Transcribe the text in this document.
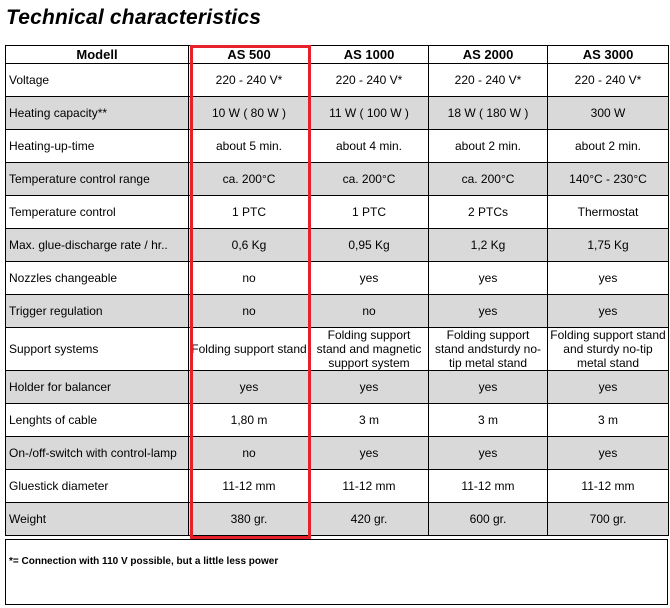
Technical characteristics
Modell	AS 500	AS 1000	AS 2000	AS 3000
Voltage	220 - 240 V*	220 - 240 V*	220 - 240 V*	220 - 240 V*
Heating capacity**	10 W ( 80 W )	11 W ( 100 W )	18 W ( 180 W )	300 W
Heating-up-time	about 5 min.	about 4 min.	about 2 min.	about 2 min.
Temperature control range	ca. 200°C	ca. 200°C	ca. 200°C	140°C - 230°C
Temperature control	1 PTC	1 PTC	2 PTCs	Thermostat
Max. glue-discharge rate / hr..	0,6 Kg	0,95 Kg	1,2 Kg	1,75 Kg
Nozzles changeable	no	yes	yes	yes
Trigger regulation	no	no	yes	yes
Support systems	Folding support stand	Folding support stand and magnetic support system	Folding support stand andsturdy no-tip metal stand	Folding support stand and sturdy no-tip metal stand
Holder for balancer	yes	yes	yes	yes
Lenghts of cable	1,80 m	3 m	3 m	3 m
On-/off-switch with control-lamp	no	yes	yes	yes
Gluestick diameter	11-12 mm	11-12 mm	11-12 mm	11-12 mm
Weight	380 gr.	420 gr.	600 gr.	700 gr.
*= Connection with 110 V possible, but a little less power
